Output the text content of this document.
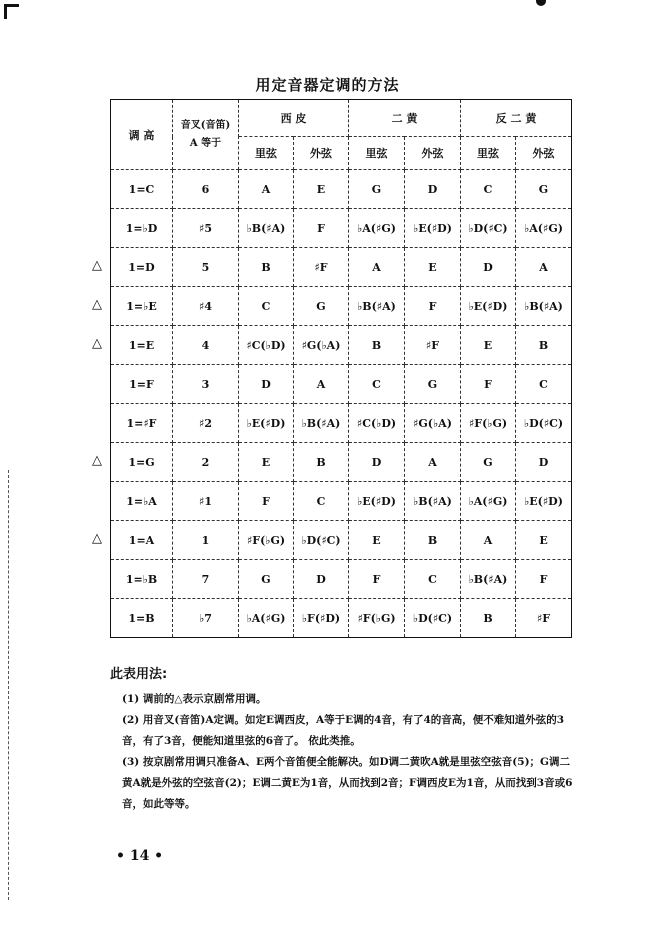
用定音器定调的方法
调 高	音叉(音笛)
A 等于	西 皮		二 黄		反 二 黄	
		里弦	外弦	里弦	外弦	里弦	外弦
1=C	6	A	E	G	D	C	G
1=♭D	♯5	♭B(♯A)	F	♭A(♯G)	♭E(♯D)	♭D(♯C)	♭A(♯G)
1=D	5	B	♯F	A	E	D	A
1=♭E	♯4	C	G	♭B(♯A)	F	♭E(♯D)	♭B(♯A)
1=E	4	♯C(♭D)	♯G(♭A)	B	♯F	E	B
1=F	3	D	A	C	G	F	C
1=♯F	♯2	♭E(♯D)	♭B(♯A)	♯C(♭D)	♯G(♭A)	♯F(♭G)	♭D(♯C)
1=G	2	E	B	D	A	G	D
1=♭A	♯1	F	C	♭E(♯D)	♭B(♯A)	♭A(♯G)	♭E(♯D)
1=A	1	♯F(♭G)	♭D(♯C)	E	B	A	E
1=♭B	7	G	D	F	C	♭B(♯A)	F
1=B	♭7	♭A(♯G)	♭F(♯D)	♯F(♭G)	♭D(♯C)	B	♯F
△
△
△
△
△
此表用法:

(1) 调前的△表示京剧常用调。

(2) 用音叉(音笛)A定调。如定E调西皮，A等于E调的4音，有了4的音高，便不难知道外弦的3音，有了3音，便能知道里弦的6音了。 依此类推。

(3) 按京剧常用调只准备A、E两个音笛便全能解决。如D调二黄吹A就是里弦空弦音(5)；G调二黄A就是外弦的空弦音(2)；E调二黄E为1音，从而找到2音；F调西皮E为1音，从而找到3音或6音，如此等等。

• 14 •
